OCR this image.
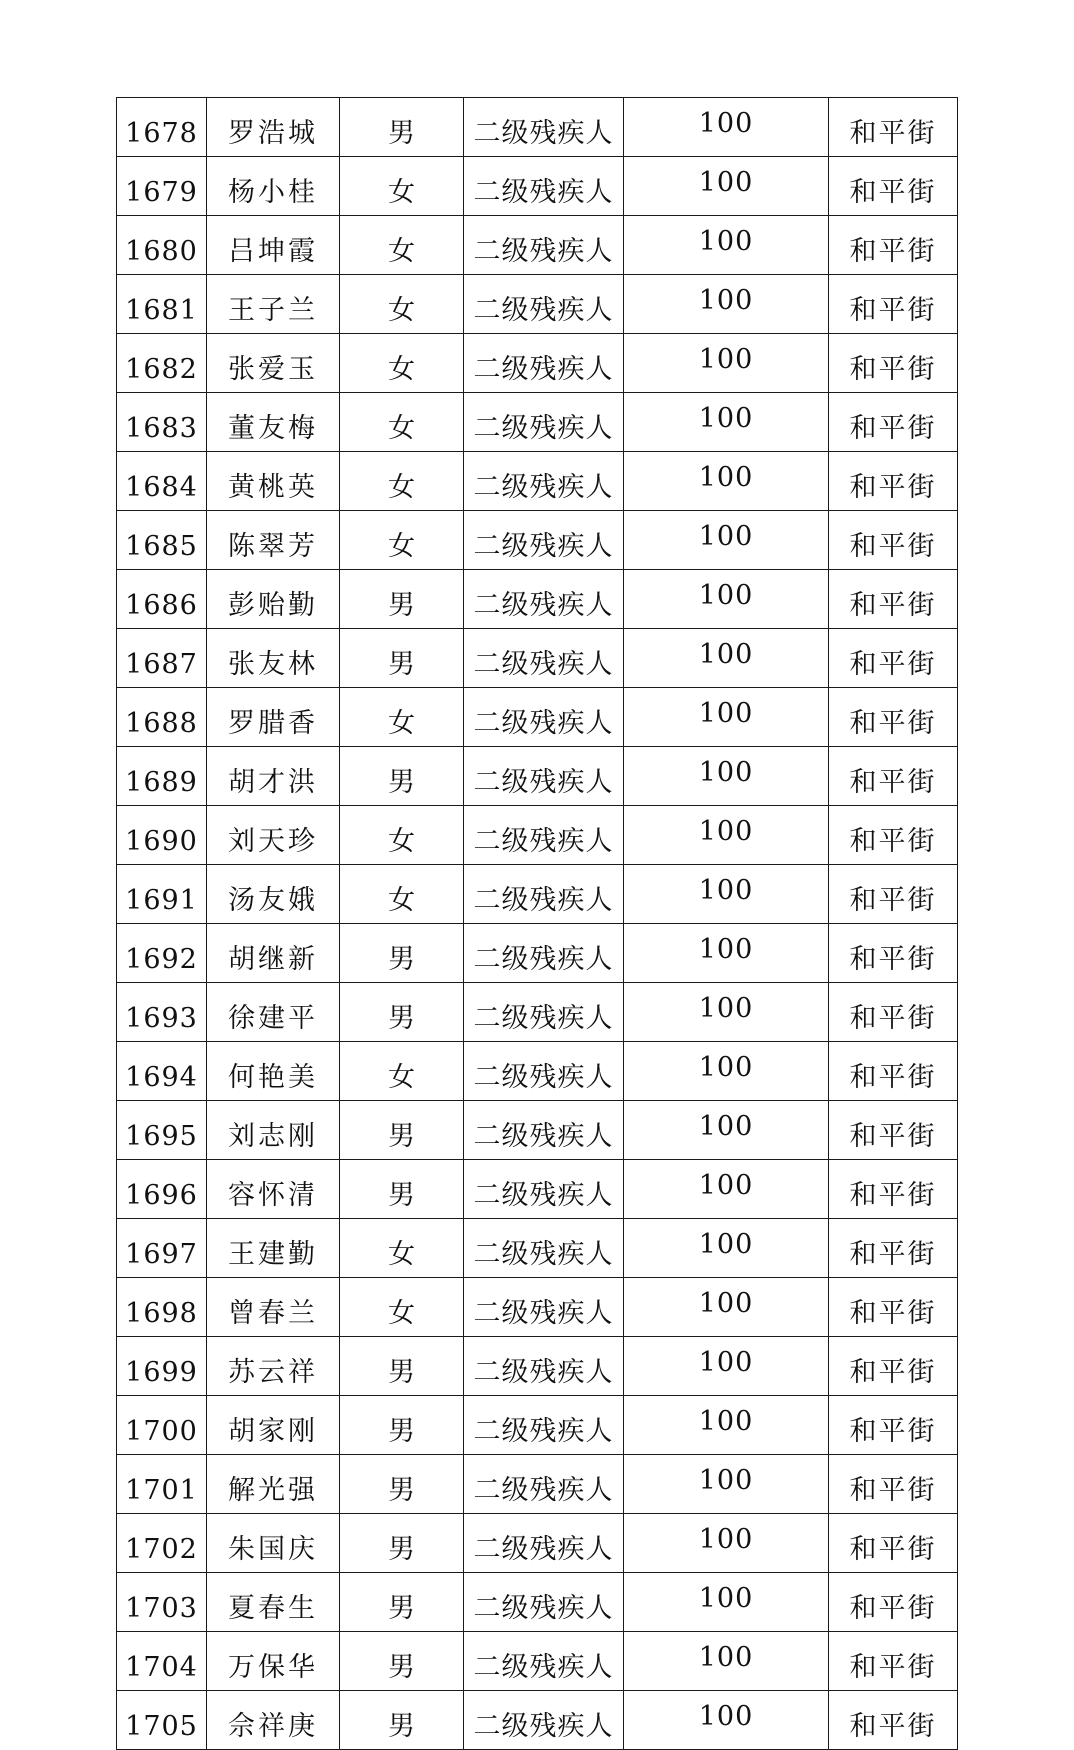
1678	罗浩城	男	二级残疾人	100	和平街
1679	杨小桂	女	二级残疾人	100	和平街
1680	吕坤霞	女	二级残疾人	100	和平街
1681	王子兰	女	二级残疾人	100	和平街
1682	张爱玉	女	二级残疾人	100	和平街
1683	董友梅	女	二级残疾人	100	和平街
1684	黄桃英	女	二级残疾人	100	和平街
1685	陈翠芳	女	二级残疾人	100	和平街
1686	彭贻勤	男	二级残疾人	100	和平街
1687	张友林	男	二级残疾人	100	和平街
1688	罗腊香	女	二级残疾人	100	和平街
1689	胡才洪	男	二级残疾人	100	和平街
1690	刘天珍	女	二级残疾人	100	和平街
1691	汤友娥	女	二级残疾人	100	和平街
1692	胡继新	男	二级残疾人	100	和平街
1693	徐建平	男	二级残疾人	100	和平街
1694	何艳美	女	二级残疾人	100	和平街
1695	刘志刚	男	二级残疾人	100	和平街
1696	容怀清	男	二级残疾人	100	和平街
1697	王建勤	女	二级残疾人	100	和平街
1698	曾春兰	女	二级残疾人	100	和平街
1699	苏云祥	男	二级残疾人	100	和平街
1700	胡家刚	男	二级残疾人	100	和平街
1701	解光强	男	二级残疾人	100	和平街
1702	朱国庆	男	二级残疾人	100	和平街
1703	夏春生	男	二级残疾人	100	和平街
1704	万保华	男	二级残疾人	100	和平街
1705	佘祥庚	男	二级残疾人	100	和平街
